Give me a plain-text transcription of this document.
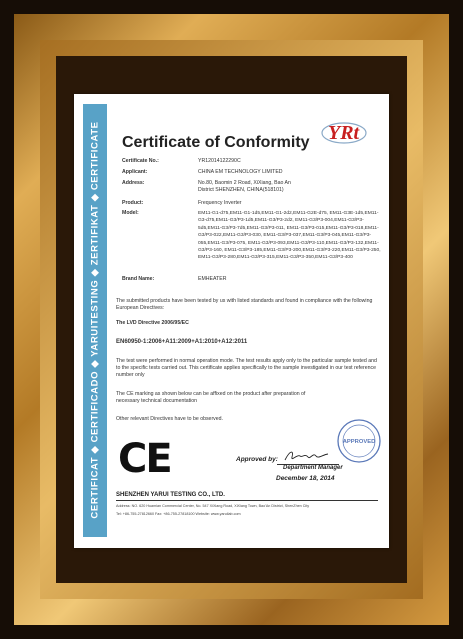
CERTIFICAT ◆ CERTIFICADO ◆ YARUITESTING ◆ ZERTIFIKAT ◆ CERTIFICATE Certificate of Conformity YRt
Certificate No.:	YR12014122290C
Applicant:	CHINA EM TECHNOLOGY LIMITED
Address:	No.80, Baomin 2 Road, XiXiang, Bao An District SHENZHEN, CHINA(518101)
Product:	Frequency Inverter
Model:	EM11-G1-d75,EM11-G1-1d5,EM11-G1-2d2,EM11-G2E-d75, EM11-G3E-1d5,EM11-G3-d75,EM11-G3/P3-1d5,EM11-G3/P3-2d2, EM11-G3/P3-004,EM11-G3/P3-5d5,EM11-G3/P3-7d5,EM11-G3/P3-011, EM11-G3/P3-015,EM11-G3/P3-018,EM11-G3/P3-022,EM11-G3/P3-030, EM11-G3/P3-037,EM11-G3/P3-045,EM11-G3/P3-055,EM11-G3/P3-075, EM11-G3/P3-093,EM11-G3/P3-110,EM11-G3/P3-132,EM11-G3/P3-160, EM11-G3/P3-185,EM11-G3/P3-200,EM11-G3/P3-220,EM11-G3/P3-250, EM11-G3/P3-280,EM11-G3/P3-315,EM11-G3/P3-350,EM11-G3/P3-400
Brand Name:	EMHEATER
The submitted products have been tested by us with listed standards and found in compliance with the following European Directives:
The LVD Directive 2006/95/EC
EN60950-1:2006+A11:2009+A1:2010+A12:2011
The test were performed in normal operation mode. The test results apply only to the particular sample tested and to the specific tests carried out. This certificate applies specifically to the sample investigated in our test reference number only
The CE marking as shown below can be affixed on the product after preparation of necessary technical documentation
Other relevant Directives have to be observed.
CE	APPROVED
Approved by:
Department Manager
December 18, 2014
SHENZHEN YARUI TESTING CO., LTD.
Address: NO. 620 Huamian Commercial Center, No. 547 XiXiang Road, XiXiang Town, Bao'An District, ShenZhen City
Tel: +86-755-27812660 Fax: +86-755-27818100 Website: www.yaruilab.com
